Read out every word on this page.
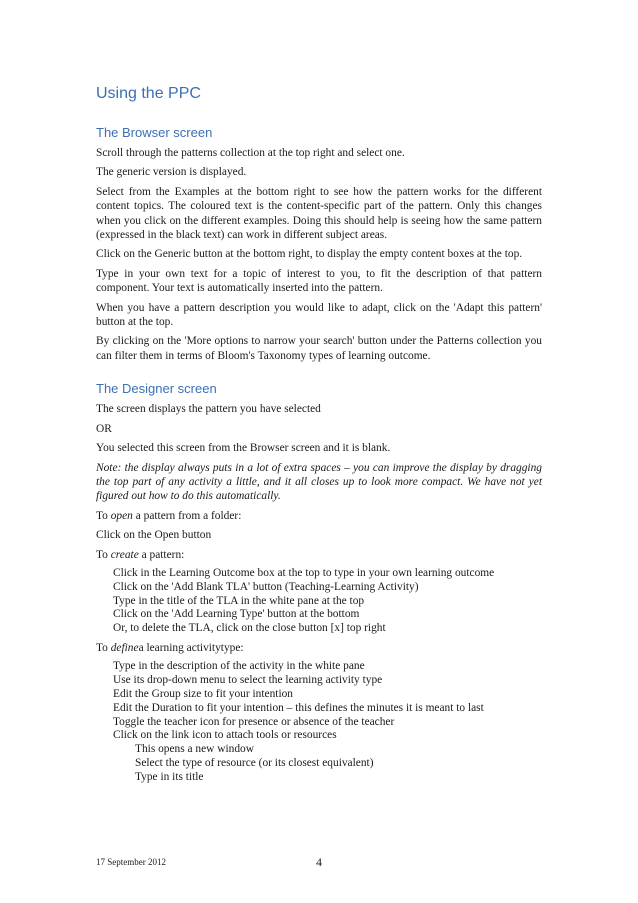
Using the PPC
The Browser screen

Scroll through the patterns collection at the top right and select one.

The generic version is displayed.

Select from the Examples at the bottom right to see how the pattern works for the different content topics. The coloured text is the content-specific part of the pattern. Only this changes when you click on the different examples. Doing this should help is seeing how the same pattern (expressed in the black text) can work in different subject areas.

Click on the Generic button at the bottom right, to display the empty content boxes at the top.

Type in your own text for a topic of interest to you, to fit the description of that pattern component. Your text is automatically inserted into the pattern.

When you have a pattern description you would like to adapt, click on the 'Adapt this pattern' button at the top.

By clicking on the 'More options to narrow your search' button under the Patterns collection you can filter them in terms of Bloom's Taxonomy types of learning outcome.

The Designer screen

The screen displays the pattern you have selected

OR

You selected this screen from the Browser screen and it is blank.

Note: the display always puts in a lot of extra spaces – you can improve the display by dragging the top part of any activity a little, and it all closes up to look more compact. We have not yet figured out how to do this automatically.

To open a pattern from a folder:

Click on the Open button

To create a pattern:

Click in the Learning Outcome box at the top to type in your own learning outcome

Click on the 'Add Blank TLA' button (Teaching-Learning Activity)

Type in the title of the TLA in the white pane at the top

Click on the 'Add Learning Type' button at the bottom

Or, to delete the TLA, click on the close button [x] top right

To definea learning activitytype:

Type in the description of the activity in the white pane

Use its drop-down menu to select the learning activity type

Edit the Group size to fit your intention

Edit the Duration to fit your intention – this defines the minutes it is meant to last

Toggle the teacher icon for presence or absence of the teacher

Click on the link icon to attach tools or resources

This opens a new window

Select the type of resource (or its closest equivalent)

Type in its title

17 September 2012	4
